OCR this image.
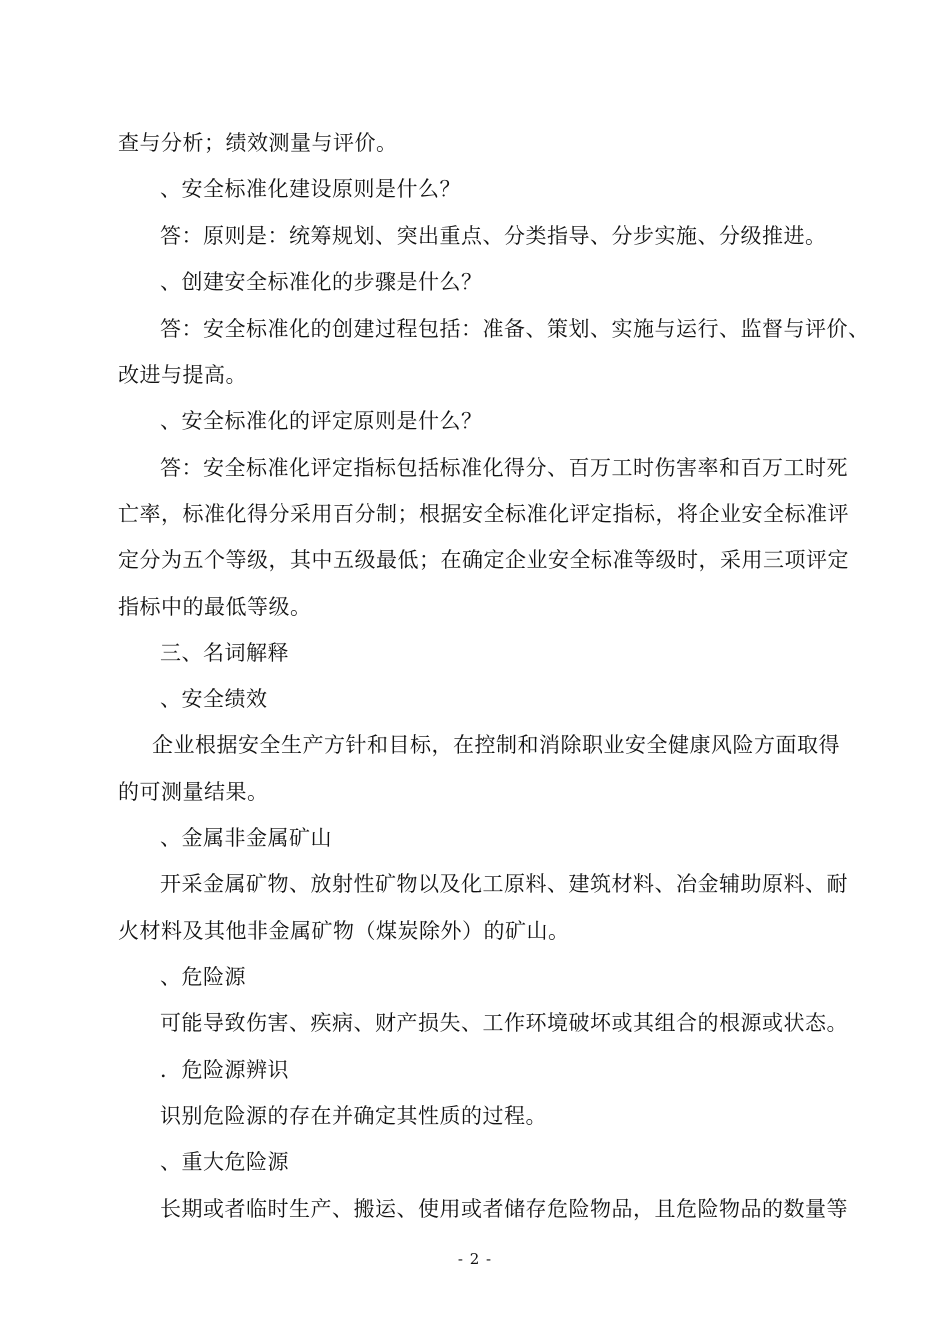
查与分析；绩效测量与评价。
、安全标准化建设原则是什么？
答：原则是：统筹规划、突出重点、分类指导、分步实施、分级推进。
、创建安全标准化的步骤是什么？
答：安全标准化的创建过程包括：准备、策划、实施与运行、监督与评价、
改进与提高。
、安全标准化的评定原则是什么？
答：安全标准化评定指标包括标准化得分、百万工时伤害率和百万工时死
亡率，标准化得分采用百分制；根据安全标准化评定指标，将企业安全标准评
定分为五个等级，其中五级最低；在确定企业安全标准等级时，采用三项评定
指标中的最低等级。
三、名词解释
、安全绩效
企业根据安全生产方针和目标，在控制和消除职业安全健康风险方面取得
的可测量结果。
、金属非金属矿山
开采金属矿物、放射性矿物以及化工原料、建筑材料、冶金辅助原料、耐
火材料及其他非金属矿物（煤炭除外）的矿山。
、危险源
可能导致伤害、疾病、财产损失、工作环境破坏或其组合的根源或状态。
．危险源辨识
识别危险源的存在并确定其性质的过程。
、重大危险源
长期或者临时生产、搬运、使用或者储存危险物品，且危险物品的数量等
- 2 -
